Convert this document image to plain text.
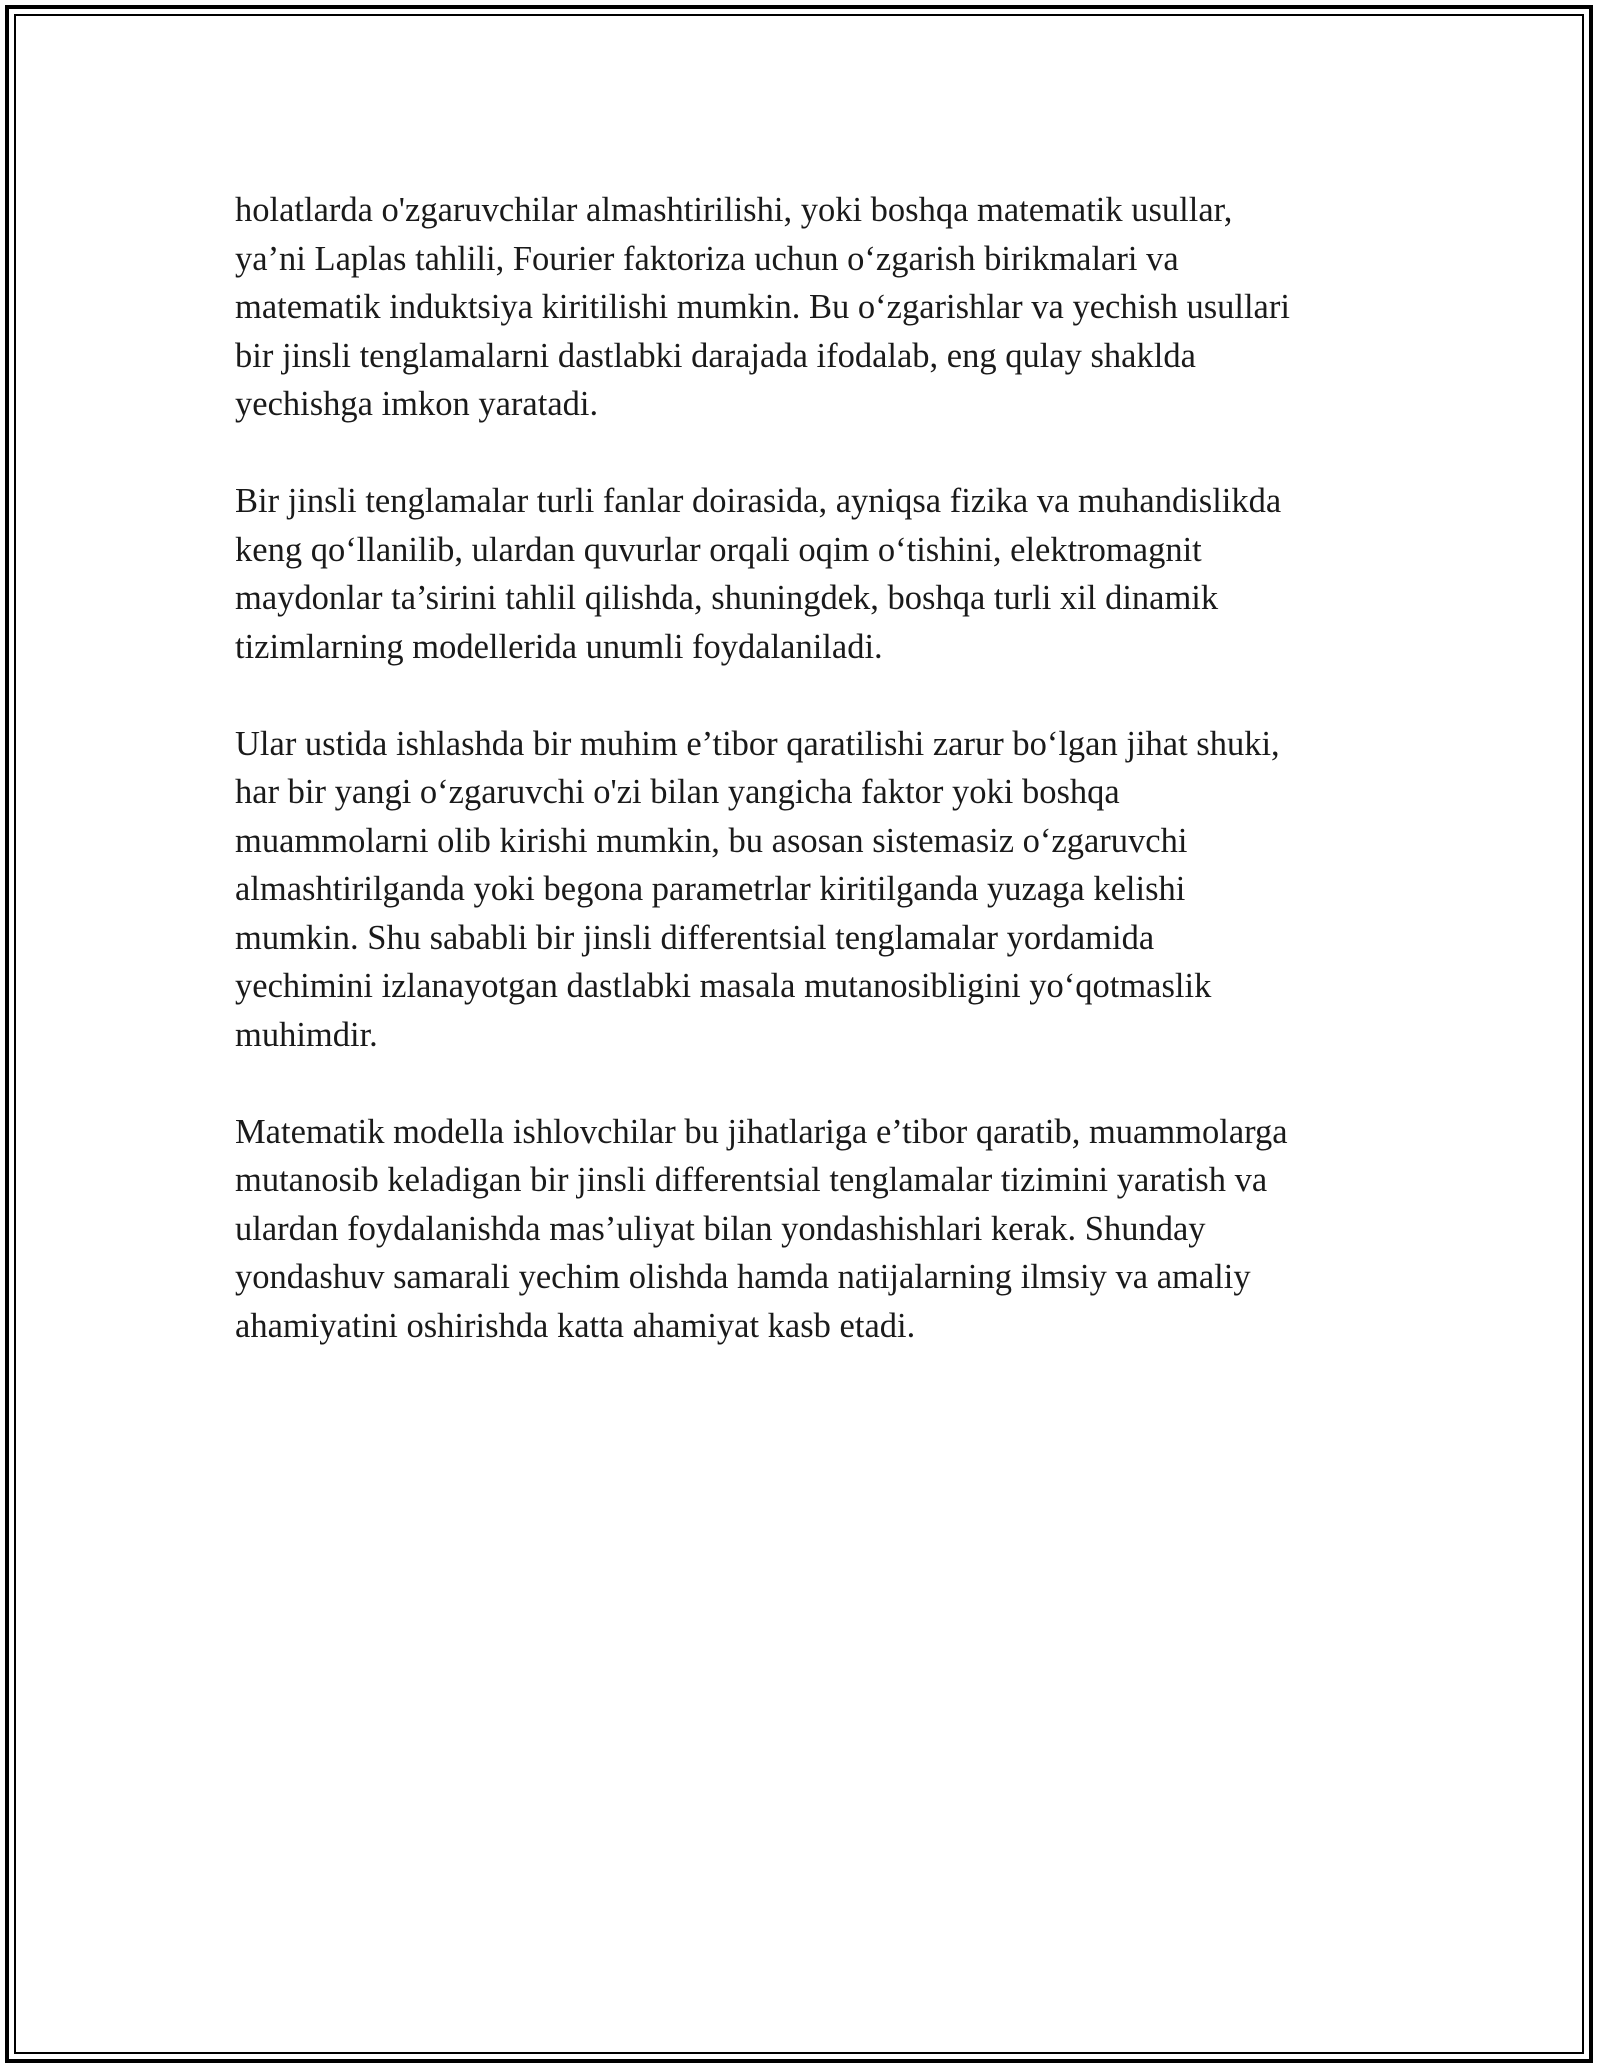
holatlarda o'zgaruvchilar almashtirilishi, yoki boshqa matematik usullar,
ya’ni Laplas tahlili, Fourier faktoriza uchun o‘zgarish birikmalari va
matematik induktsiya kiritilishi mumkin. Bu o‘zgarishlar va yechish usullari
bir jinsli tenglamalarni dastlabki darajada ifodalab, eng qulay shaklda
yechishga imkon yaratadi.

Bir jinsli tenglamalar turli fanlar doirasida, ayniqsa fizika va muhandislikda
keng qo‘llanilib, ulardan quvurlar orqali oqim o‘tishini, elektromagnit
maydonlar ta’sirini tahlil qilishda, shuningdek, boshqa turli xil dinamik
tizimlarning modellerida unumli foydalaniladi.

Ular ustida ishlashda bir muhim e’tibor qaratilishi zarur bo‘lgan jihat shuki,
har bir yangi o‘zgaruvchi o'zi bilan yangicha faktor yoki boshqa
muammolarni olib kirishi mumkin, bu asosan sistemasiz o‘zgaruvchi
almashtirilganda yoki begona parametrlar kiritilganda yuzaga kelishi
mumkin. Shu sababli bir jinsli differentsial tenglamalar yordamida
yechimini izlanayotgan dastlabki masala mutanosibligini yo‘qotmaslik
muhimdir.

Matematik modella ishlovchilar bu jihatlariga e’tibor qaratib, muammolarga
mutanosib keladigan bir jinsli differentsial tenglamalar tizimini yaratish va
ulardan foydalanishda mas’uliyat bilan yondashishlari kerak. Shunday
yondashuv samarali yechim olishda hamda natijalarning ilmsiy va amaliy
ahamiyatini oshirishda katta ahamiyat kasb etadi.
